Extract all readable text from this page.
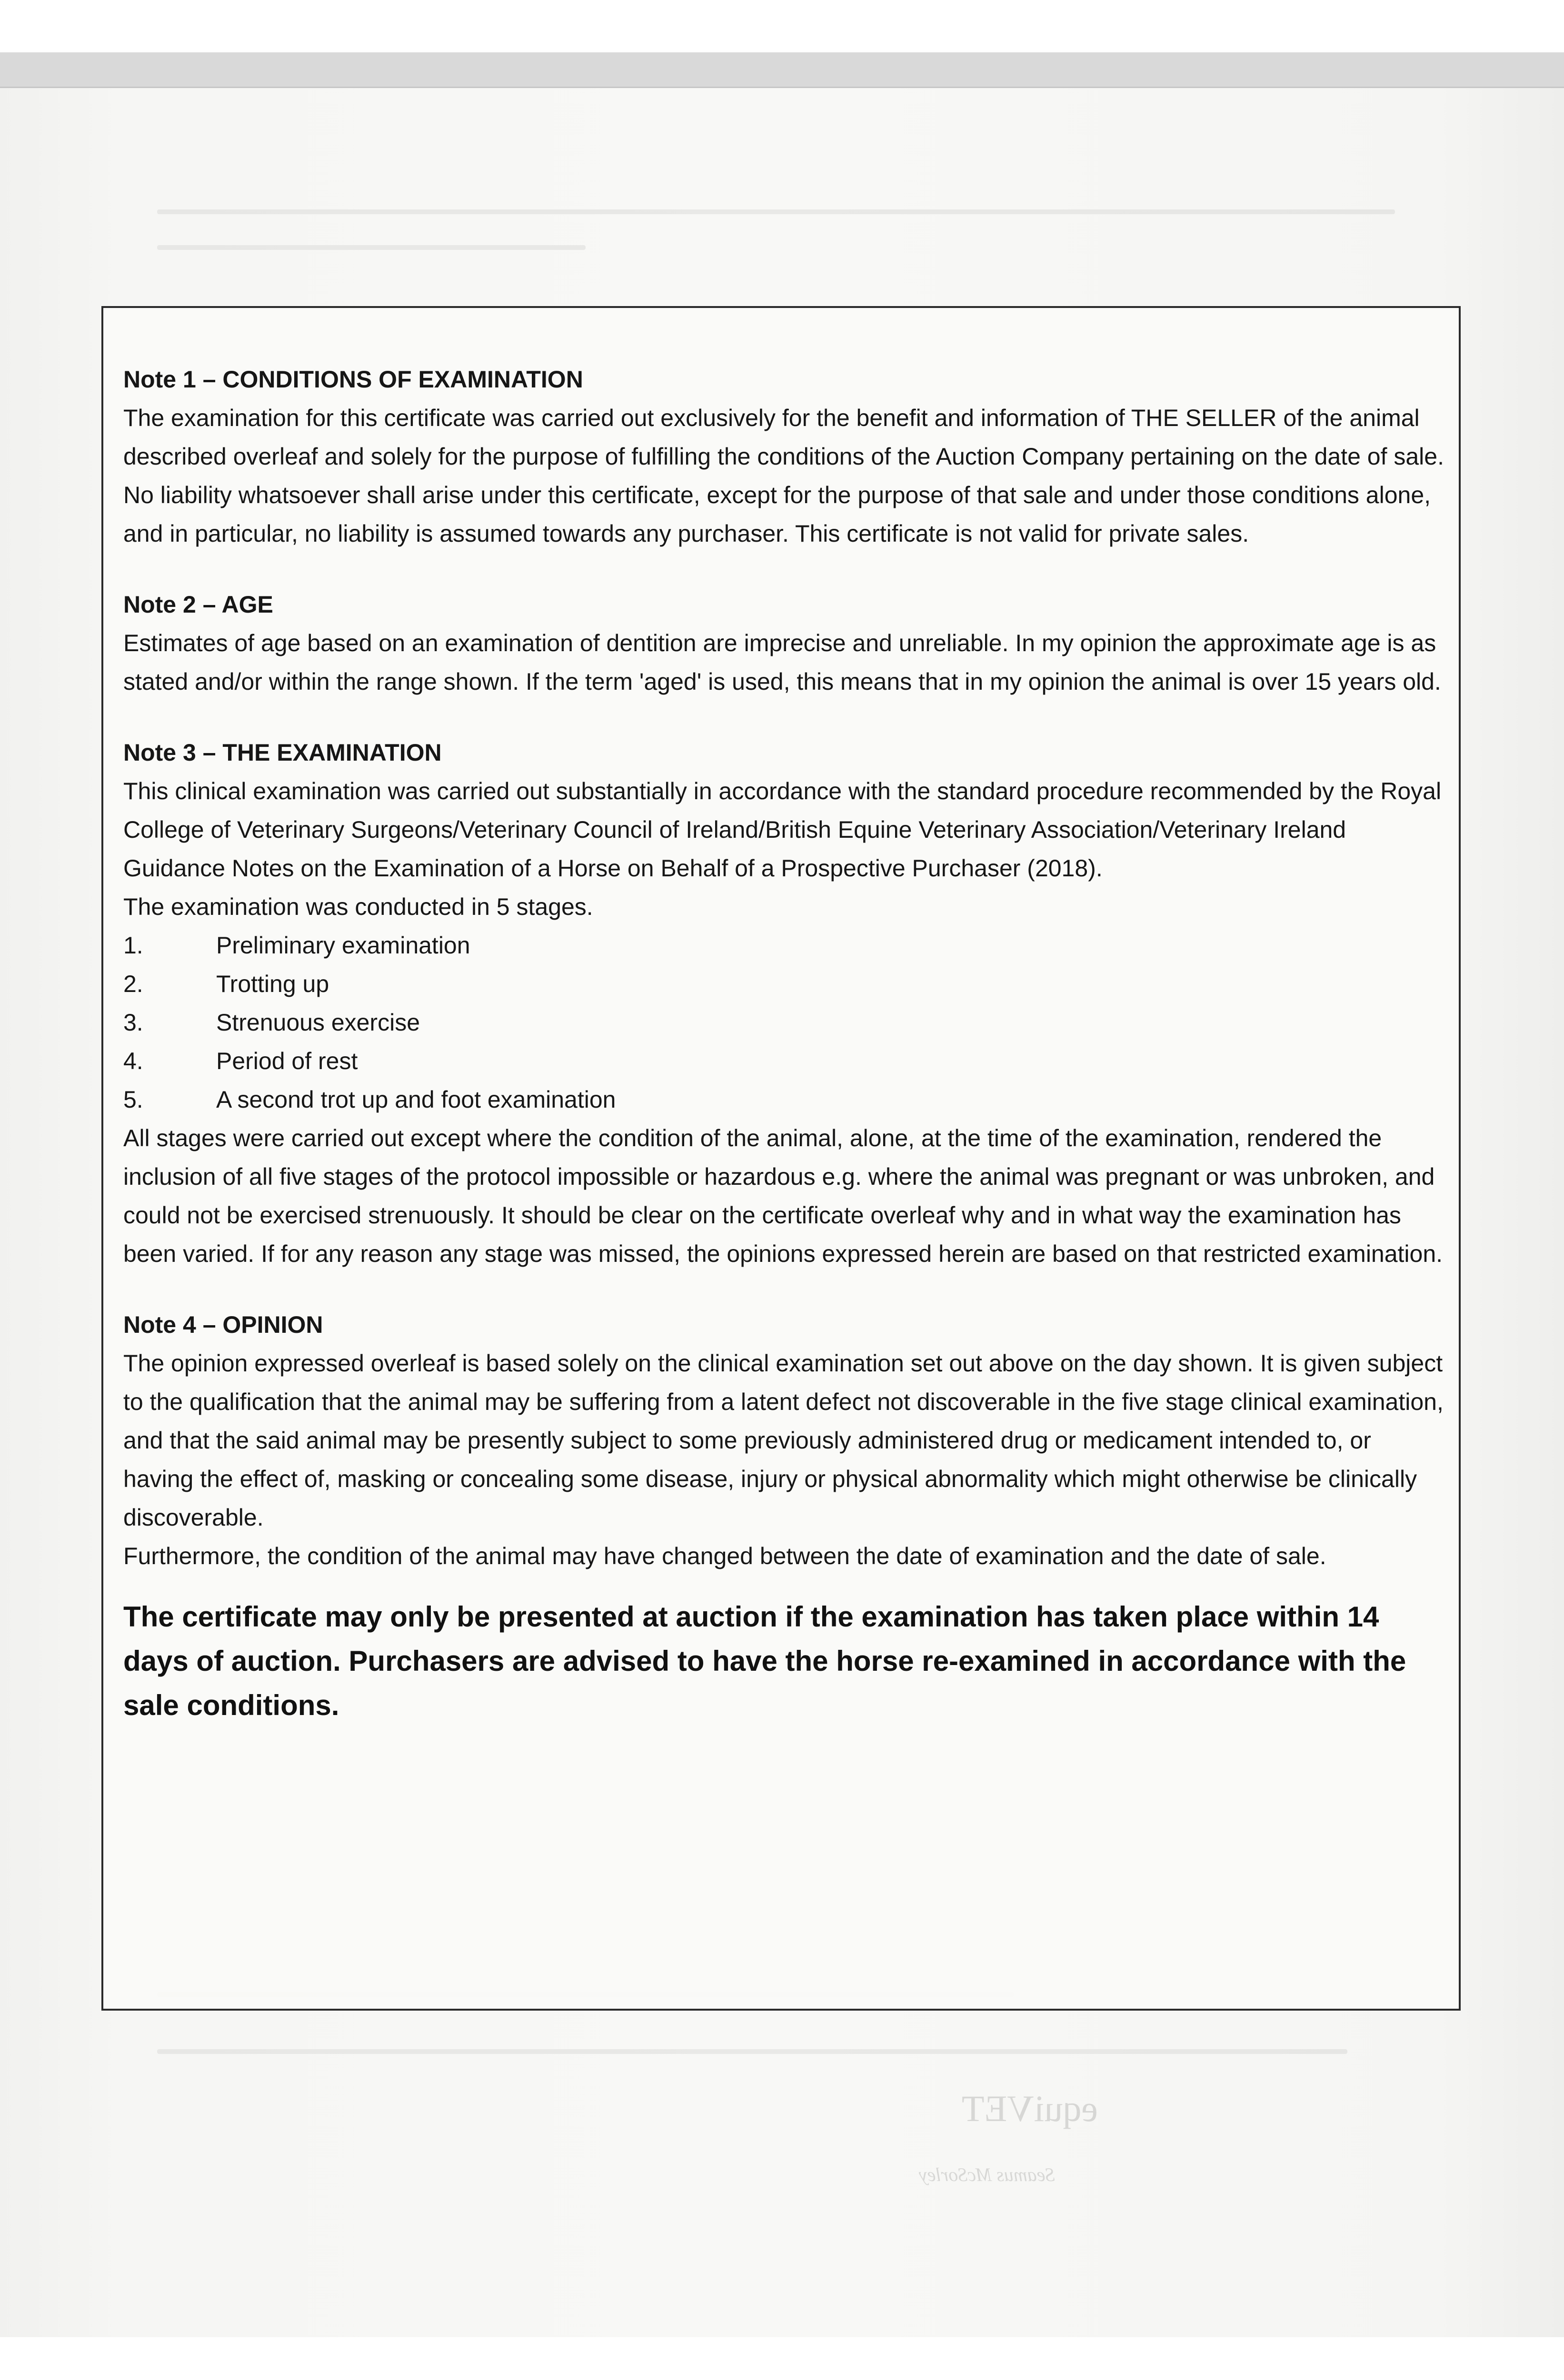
equiVET
Seamus McSorley

Note 1 – CONDITIONS OF EXAMINATION

The examination for this certificate was carried out exclusively for the benefit and information of THE SELLER of the animal described overleaf and solely for the purpose of fulfilling the conditions of the Auction Company pertaining on the date of sale. No liability whatsoever shall arise under this certificate, except for the purpose of that sale and under those conditions alone, and in particular, no liability is assumed towards any purchaser. This certificate is not valid for private sales.

Note 2 – AGE

Estimates of age based on an examination of dentition are imprecise and unreliable. In my opinion the approximate age is as stated and/or within the range shown. If the term 'aged' is used, this means that in my opinion the animal is over 15 years old.

Note 3 – THE EXAMINATION

This clinical examination was carried out substantially in accordance with the standard procedure recommended by the Royal College of Veterinary Surgeons/Veterinary Council of Ireland/British Equine Veterinary Association/Veterinary Ireland Guidance Notes on the Examination of a Horse on Behalf of a Prospective Purchaser (2018).

The examination was conducted in 5 stages.

1.	Preliminary examination
2.	Trotting up
3.	Strenuous exercise
4.	Period of rest
5.	A second trot up and foot examination

All stages were carried out except where the condition of the animal, alone, at the time of the examination, rendered the inclusion of all five stages of the protocol impossible or hazardous e.g. where the animal was pregnant or was unbroken, and could not be exercised strenuously. It should be clear on the certificate overleaf why and in what way the examination has been varied. If for any reason any stage was missed, the opinions expressed herein are based on that restricted examination.

Note 4 – OPINION

The opinion expressed overleaf is based solely on the clinical examination set out above on the day shown. It is given subject to the qualification that the animal may be suffering from a latent defect not discoverable in the five stage clinical examination, and that the said animal may be presently subject to some previously administered drug or medicament intended to, or having the effect of, masking or concealing some disease, injury or physical abnormality which might otherwise be clinically discoverable.

Furthermore, the condition of the animal may have changed between the date of examination and the date of sale.

The certificate may only be presented at auction if the examination has taken place within 14 days of auction. Purchasers are advised to have the horse re-examined in accordance with the sale conditions.
